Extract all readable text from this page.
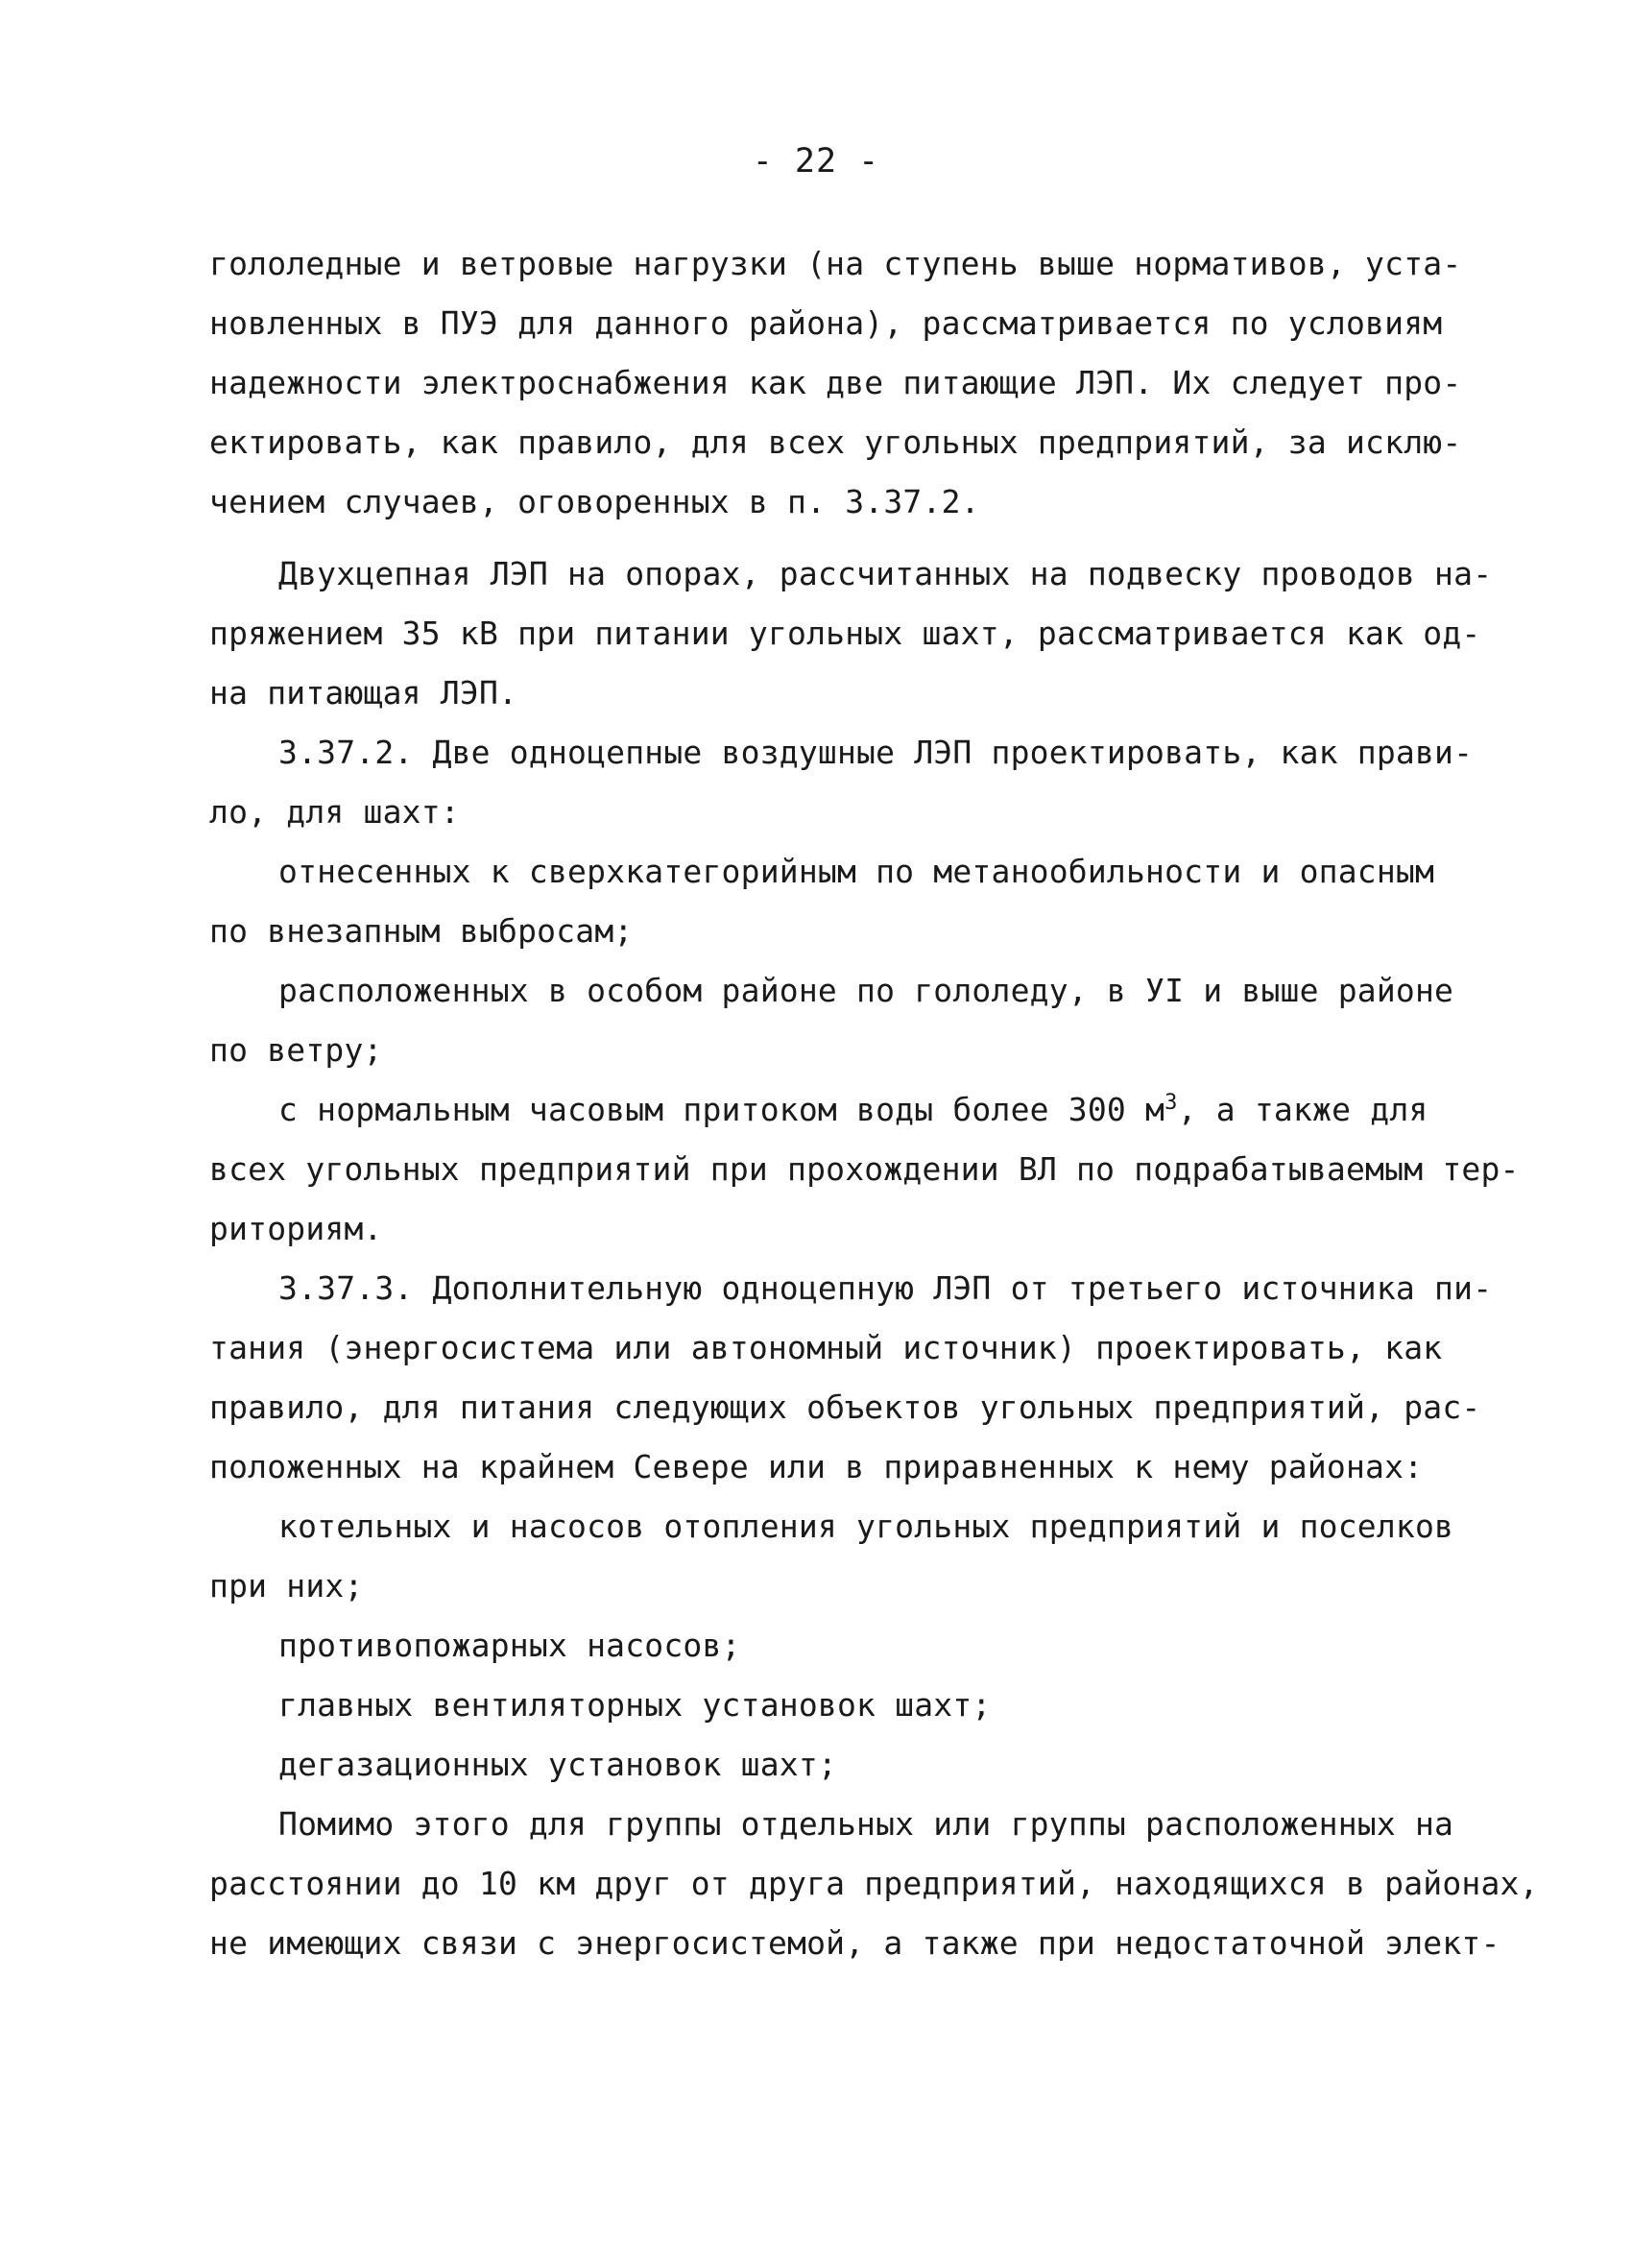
- 22 -
гололедные и ветровые нагрузки (на ступень выше нормативов, уста-
новленных в ПУЭ для данного района), рассматривается по условиям
надежности электроснабжения как две питающие ЛЭП. Их следует про-
ектировать, как правило, для всех угольных предприятий, за исклю-
чением случаев, оговоренных в п. 3.37.2.
Двухцепная ЛЭП на опорах, рассчитанных на подвеску проводов на-
пряжением 35 кВ при питании угольных шахт, рассматривается как од-
на питающая ЛЭП.
3.37.2. Две одноцепные воздушные ЛЭП проектировать, как прави-
ло, для шахт:
отнесенных к сверхкатегорийным по метанообильности и опасным
по внезапным выбросам;
расположенных в особом районе по гололеду, в УI и выше районе
по ветру;
с нормальным часовым притоком воды более 300 $м^3$, а также для
всех угольных предприятий при прохождении ВЛ по подрабатываемым тер-
риториям.
3.37.3. Дополнительную одноцепную ЛЭП от третьего источника пи-
тания (энергосистема или автономный источник) проектировать, как
правило, для питания следующих объектов угольных предприятий, рас-
положенных на крайнем Севере или в приравненных к нему районах:
котельных и насосов отопления угольных предприятий и поселков
при них;
противопожарных насосов;
главных вентиляторных установок шахт;
дегазационных установок шахт;
Помимо этого для группы отдельных или группы расположенных на
расстоянии до 10 км друг от друга предприятий, находящихся в районах,
не имеющих связи с энергосистемой, а также при недостаточной элект-
